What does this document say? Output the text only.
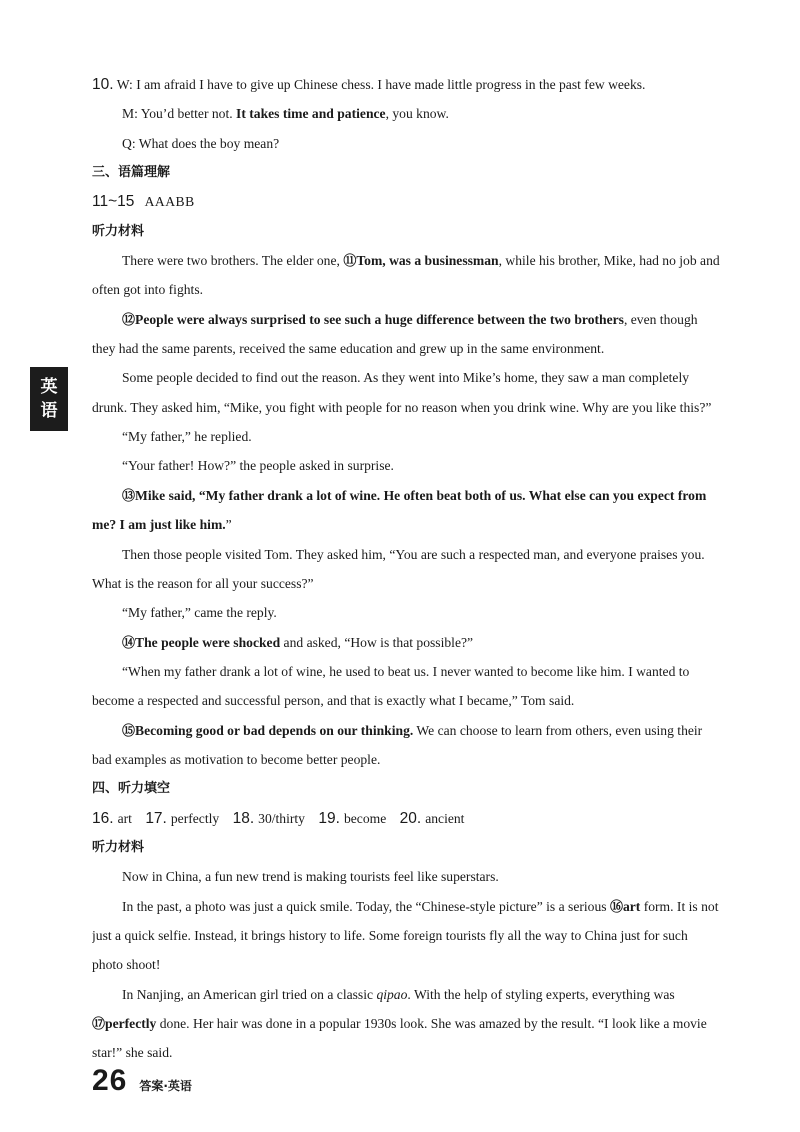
英
语
10. W: I am afraid I have to give up Chinese chess. I have made little progress in the past few weeks.
M: You’d better not. It takes time and patience, you know.
Q: What does the boy mean?
三、语篇理解
11~15 AAABB
听力材料
There were two brothers. The elder one, ⑪Tom, was a businessman, while his brother, Mike, had no job and
often got into fights.
⑫People were always surprised to see such a huge difference between the two brothers, even though
they had the same parents, received the same education and grew up in the same environment.
Some people decided to find out the reason. As they went into Mike’s home, they saw a man completely
drunk. They asked him, “Mike, you fight with people for no reason when you drink wine. Why are you like this?”
“My father,” he replied.
“Your father! How?” the people asked in surprise.
⑬Mike said, “My father drank a lot of wine. He often beat both of us. What else can you expect from
me? I am just like him.”
Then those people visited Tom. They asked him, “You are such a respected man, and everyone praises you.
What is the reason for all your success?”
“My father,” came the reply.
⑭The people were shocked and asked, “How is that possible?”
“When my father drank a lot of wine, he used to beat us. I never wanted to become like him. I wanted to
become a respected and successful person, and that is exactly what I became,” Tom said.
⑮Becoming good or bad depends on our thinking. We can choose to learn from others, even using their
bad examples as motivation to become better people.
四、听力填空
16. art 17. perfectly 18. 30/thirty 19. become 20. ancient
听力材料
Now in China, a fun new trend is making tourists feel like superstars.
In the past, a photo was just a quick smile. Today, the “Chinese-style picture” is a serious ⑯art form. It is not
just a quick selfie. Instead, it brings history to life. Some foreign tourists fly all the way to China just for such
photo shoot!
In Nanjing, an American girl tried on a classic qipao. With the help of styling experts, everything was
⑰perfectly done. Her hair was done in a popular 1930s look. She was amazed by the result. “I look like a movie
star!” she said.
26 答案·英语
